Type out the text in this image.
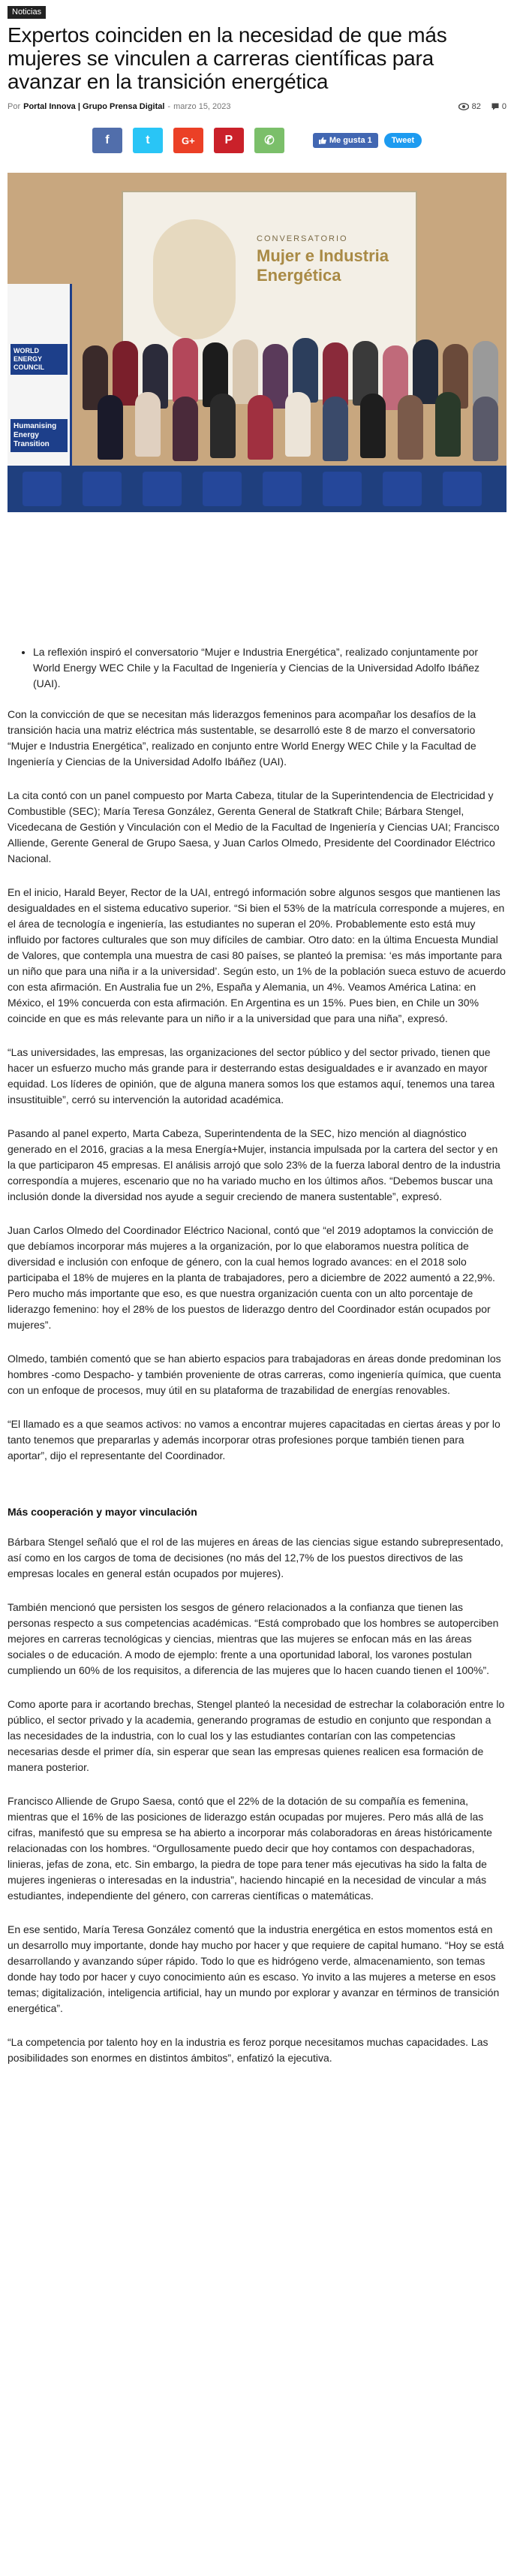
Noticias
Expertos coinciden en la necesidad de que más mujeres se vinculen a carreras científicas para avanzar en la transición energética
Por Portal Innova | Grupo Prensa Digital - marzo 15, 2023	82	0
f	t	G+ P	✆	Me gusta 1	Tweet
CONVERSATORIO
Mujer e Industria
Energética
WORLD ENERGY COUNCIL
Humanising Energy Transition
• La reflexión inspiró el conversatorio “Mujer e Industria Energética”, realizado conjuntamente por World Energy WEC Chile y la Facultad de Ingeniería y Ciencias de la Universidad Adolfo Ibáñez (UAI).

Con la convicción de que se necesitan más liderazgos femeninos para acompañar los desafíos de la transición hacia una matriz eléctrica más sustentable, se desarrolló este 8 de marzo el conversatorio “Mujer e Industria Energética”, realizado en conjunto entre World Energy WEC Chile y la Facultad de Ingeniería y Ciencias de la Universidad Adolfo Ibáñez (UAI).

La cita contó con un panel compuesto por Marta Cabeza, titular de la Superintendencia de Electricidad y Combustible (SEC); María Teresa González, Gerenta General de Statkraft Chile; Bárbara Stengel, Vicedecana de Gestión y Vinculación con el Medio de la Facultad de Ingeniería y Ciencias UAI; Francisco Alliende, Gerente General de Grupo Saesa, y Juan Carlos Olmedo, Presidente del Coordinador Eléctrico Nacional.

En el inicio, Harald Beyer, Rector de la UAI, entregó información sobre algunos sesgos que mantienen las desigualdades en el sistema educativo superior. “Si bien el 53% de la matrícula corresponde a mujeres, en el área de tecnología e ingeniería, las estudiantes no superan el 20%. Probablemente esto está muy influido por factores culturales que son muy difíciles de cambiar. Otro dato: en la última Encuesta Mundial de Valores, que contempla una muestra de casi 80 países, se planteó la premisa: ‘es más importante para un niño que para una niña ir a la universidad’. Según esto, un 1% de la población sueca estuvo de acuerdo con esta afirmación. En Australia fue un 2%, España y Alemania, un 4%. Veamos América Latina: en México, el 19% concuerda con esta afirmación. En Argentina es un 15%. Pues bien, en Chile un 30% coincide en que es más relevante para un niño ir a la universidad que para una niña”, expresó.

“Las universidades, las empresas, las organizaciones del sector público y del sector privado, tienen que hacer un esfuerzo mucho más grande para ir desterrando estas desigualdades e ir avanzado en mayor equidad. Los líderes de opinión, que de alguna manera somos los que estamos aquí, tenemos una tarea insustituible”, cerró su intervención la autoridad académica.

Pasando al panel experto, Marta Cabeza, Superintendenta de la SEC, hizo mención al diagnóstico generado en el 2016, gracias a la mesa Energía+Mujer, instancia impulsada por la cartera del sector y en la que participaron 45 empresas. El análisis arrojó que solo 23% de la fuerza laboral dentro de la industria correspondía a mujeres, escenario que no ha variado mucho en los últimos años. “Debemos buscar una inclusión donde la diversidad nos ayude a seguir creciendo de manera sustentable”, expresó.

Juan Carlos Olmedo del Coordinador Eléctrico Nacional, contó que “el 2019 adoptamos la convicción de que debíamos incorporar más mujeres a la organización, por lo que elaboramos nuestra política de diversidad e inclusión con enfoque de género, con la cual hemos logrado avances: en el 2018 solo participaba el 18% de mujeres en la planta de trabajadores, pero a diciembre de 2022 aumentó a 22,9%. Pero mucho más importante que eso, es que nuestra organización cuenta con un alto porcentaje de liderazgo femenino: hoy el 28% de los puestos de liderazgo dentro del Coordinador están ocupados por mujeres”.

Olmedo, también comentó que se han abierto espacios para trabajadoras en áreas donde predominan los hombres -como Despacho- y también proveniente de otras carreras, como ingeniería química, que cuenta con un enfoque de procesos, muy útil en su plataforma de trazabilidad de energías renovables.

“El llamado es a que seamos activos: no vamos a encontrar mujeres capacitadas en ciertas áreas y por lo tanto tenemos que prepararlas y además incorporar otras profesiones porque también tienen para aportar”, dijo el representante del Coordinador.

Más cooperación y mayor vinculación

Bárbara Stengel señaló que el rol de las mujeres en áreas de las ciencias sigue estando subrepresentado, así como en los cargos de toma de decisiones (no más del 12,7% de los puestos directivos de las empresas locales en general están ocupados por mujeres).

También mencionó que persisten los sesgos de género relacionados a la confianza que tienen las personas respecto a sus competencias académicas. “Está comprobado que los hombres se autoperciben mejores en carreras tecnológicas y ciencias, mientras que las mujeres se enfocan más en las áreas sociales o de educación. A modo de ejemplo: frente a una oportunidad laboral, los varones postulan cumpliendo un 60% de los requisitos, a diferencia de las mujeres que lo hacen cuando tienen el 100%”.

Como aporte para ir acortando brechas, Stengel planteó la necesidad de estrechar la colaboración entre lo público, el sector privado y la academia, generando programas de estudio en conjunto que respondan a las necesidades de la industria, con lo cual los y las estudiantes contarían con las competencias necesarias desde el primer día, sin esperar que sean las empresas quienes realicen esa formación de manera posterior.

Francisco Alliende de Grupo Saesa, contó que el 22% de la dotación de su compañía es femenina, mientras que el 16% de las posiciones de liderazgo están ocupadas por mujeres. Pero más allá de las cifras, manifestó que su empresa se ha abierto a incorporar más colaboradoras en áreas históricamente relacionadas con los hombres. “Orgullosamente puedo decir que hoy contamos con despachadoras, linieras, jefas de zona, etc. Sin embargo, la piedra de tope para tener más ejecutivas ha sido la falta de mujeres ingenieras o interesadas en la industria”, haciendo hincapié en la necesidad de vincular a más estudiantes, independiente del género, con carreras científicas o matemáticas.

En ese sentido, María Teresa González comentó que la industria energética en estos momentos está en un desarrollo muy importante, donde hay mucho por hacer y que requiere de capital humano. “Hoy se está desarrollando y avanzando súper rápido. Todo lo que es hidrógeno verde, almacenamiento, son temas donde hay todo por hacer y cuyo conocimiento aún es escaso. Yo invito a las mujeres a meterse en esos temas; digitalización, inteligencia artificial, hay un mundo por explorar y avanzar en términos de transición energética”.

“La competencia por talento hoy en la industria es feroz porque necesitamos muchas capacidades. Las posibilidades son enormes en distintos ámbitos”, enfatizó la ejecutiva.
